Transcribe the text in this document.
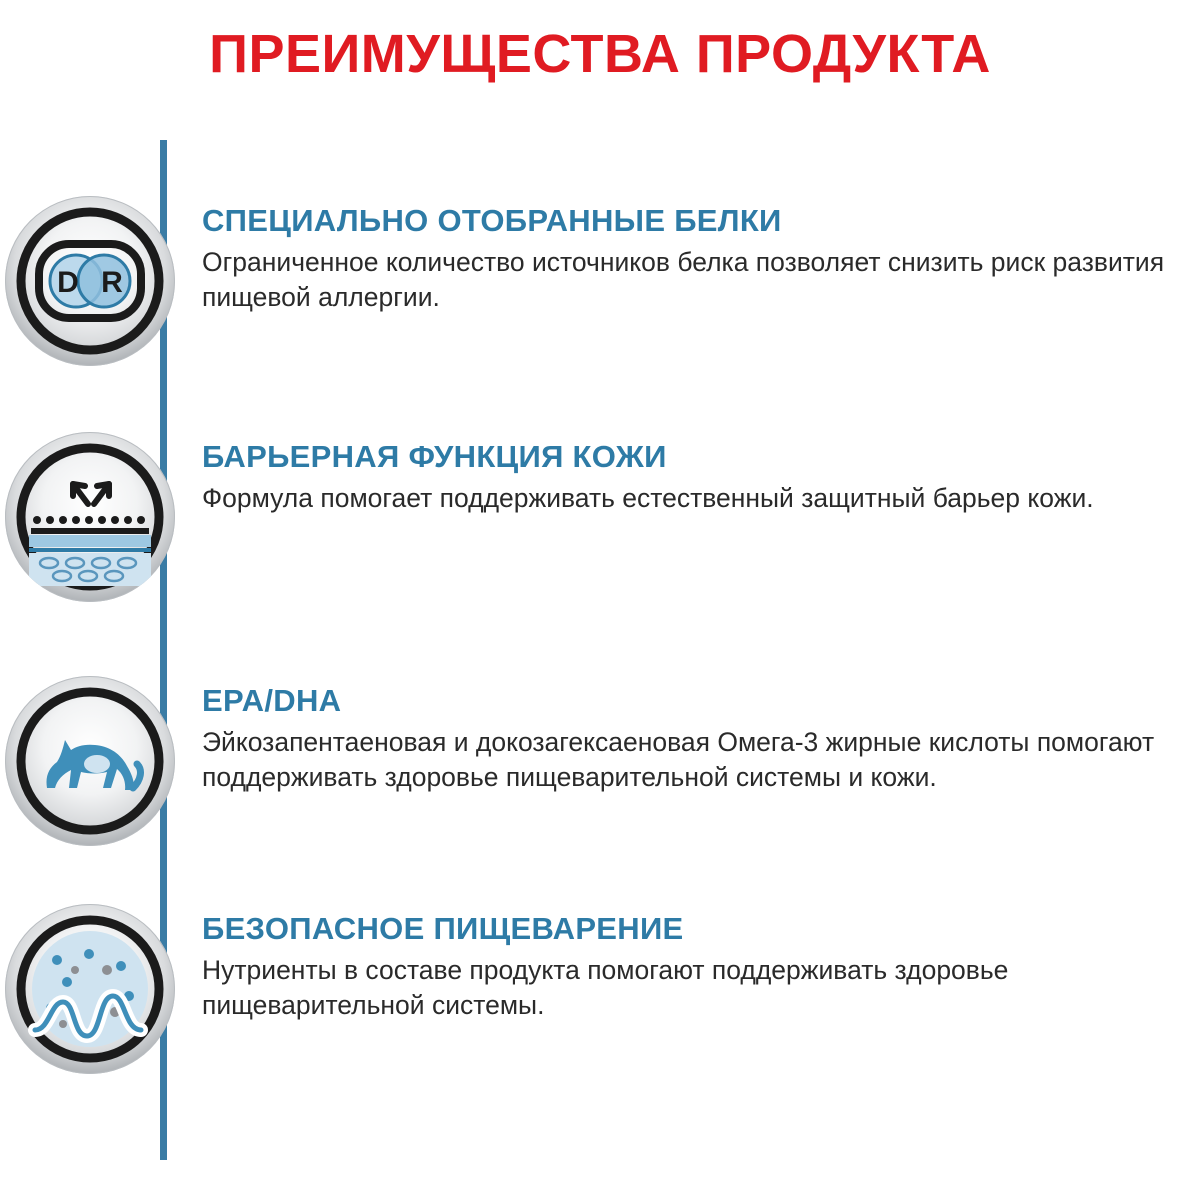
ПРЕИМУЩЕСТВА ПРОДУКТА
D R
СПЕЦИАЛЬНО ОТОБРАННЫЕ БЕЛКИ

Ограниченное количество источников белка позволяет снизить риск развития пищевой аллергии.

БАРЬЕРНАЯ ФУНКЦИЯ КОЖИ

Формула помогает поддерживать естественный защитный барьер кожи.

EPA/DHA

Эйкозапентаеновая и докозагексаеновая Омега-3 жирные кислоты помогают поддерживать здоровье пищеварительной системы и кожи.

БЕЗОПАСНОЕ ПИЩЕВАРЕНИЕ

Нутриенты в составе продукта помогают поддерживать здоровье пищеварительной системы.
